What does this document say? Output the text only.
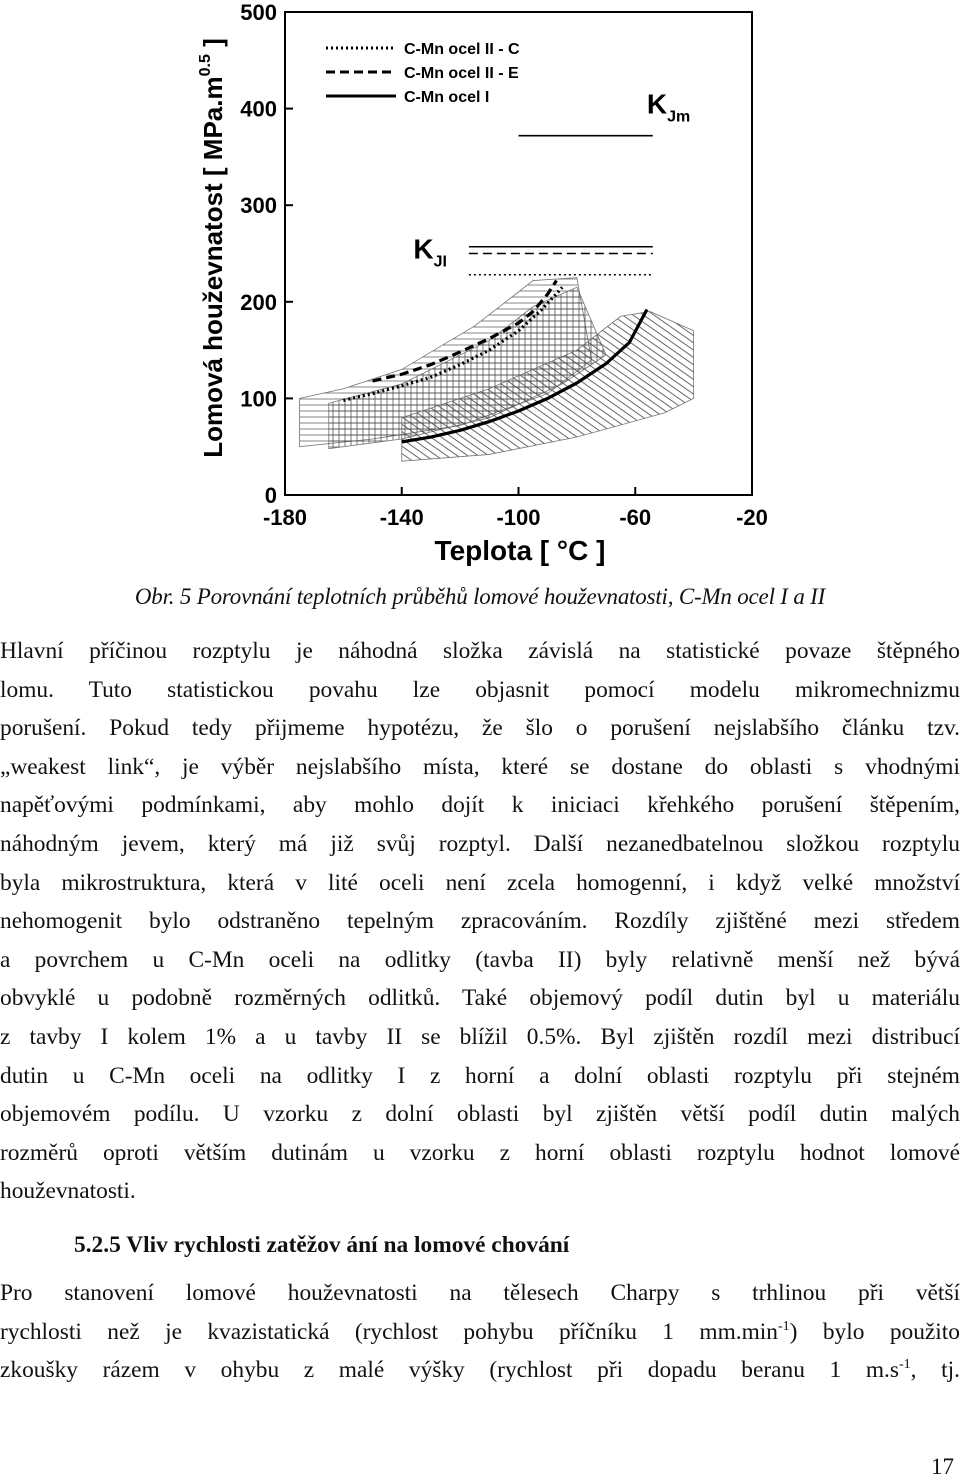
-180	-140	-100	-60	-20
0
100
200
300
400
500
C-Mn ocel II - C
C-Mn ocel II - E
C-Mn ocel I	$K_{Jm}$
$K_{JI}$
Teplota [ °C ]
Lomová houževnatost [ $MPa.m^{0.5}$ ]
Obr. 5 Porovnání teplotních průběhů lomové houževnatosti, C-Mn ocel I a II
Hlavní příčinou rozptylu je náhodná složka závislá na statistické povaze štěpného
lomu. Tuto statistickou povahu lze objasnit pomocí modelu mikromechnizmu
porušení. Pokud tedy přijmeme hypotézu, že šlo o porušení nejslabšího článku tzv.
„weakest link“, je výběr nejslabšího místa, které se dostane do oblasti s vhodnými
napěťovými podmínkami, aby mohlo dojít k iniciaci křehkého porušení štěpením,
náhodným jevem, který má již svůj rozptyl. Další nezanedbatelnou složkou rozptylu
byla mikrostruktura, která v lité oceli není zcela homogenní, i když velké množství
nehomogenit bylo odstraněno tepelným zpracováním. Rozdíly zjištěné mezi středem
a povrchem u C-Mn oceli na odlitky (tavba II) byly relativně menší než bývá
obvyklé u podobně rozměrných odlitků. Také objemový podíl dutin byl u materiálu
z tavby I kolem 1% a u tavby II se blížil 0.5%. Byl zjištěn rozdíl mezi distribucí
dutin u C-Mn oceli na odlitky I z horní a dolní oblasti rozptylu při stejném
objemovém podílu. U vzorku z dolní oblasti byl zjištěn větší podíl dutin malých
rozměrů oproti větším dutinám u vzorku z horní oblasti rozptylu hodnot lomové
houževnatosti.
5.2.5 Vliv rychlosti zatěžov ání na lomové chování
Pro stanovení lomové houževnatosti na tělesech Charpy s trhlinou při větší
rychlosti než je kvazistatická (rychlost pohybu příčníku 1 $mm.\min^{-1}$) bylo použito
zkoušky rázem v ohybu z malé výšky (rychlost při dopadu beranu 1 $m.s^{-1}$, tj.
17
